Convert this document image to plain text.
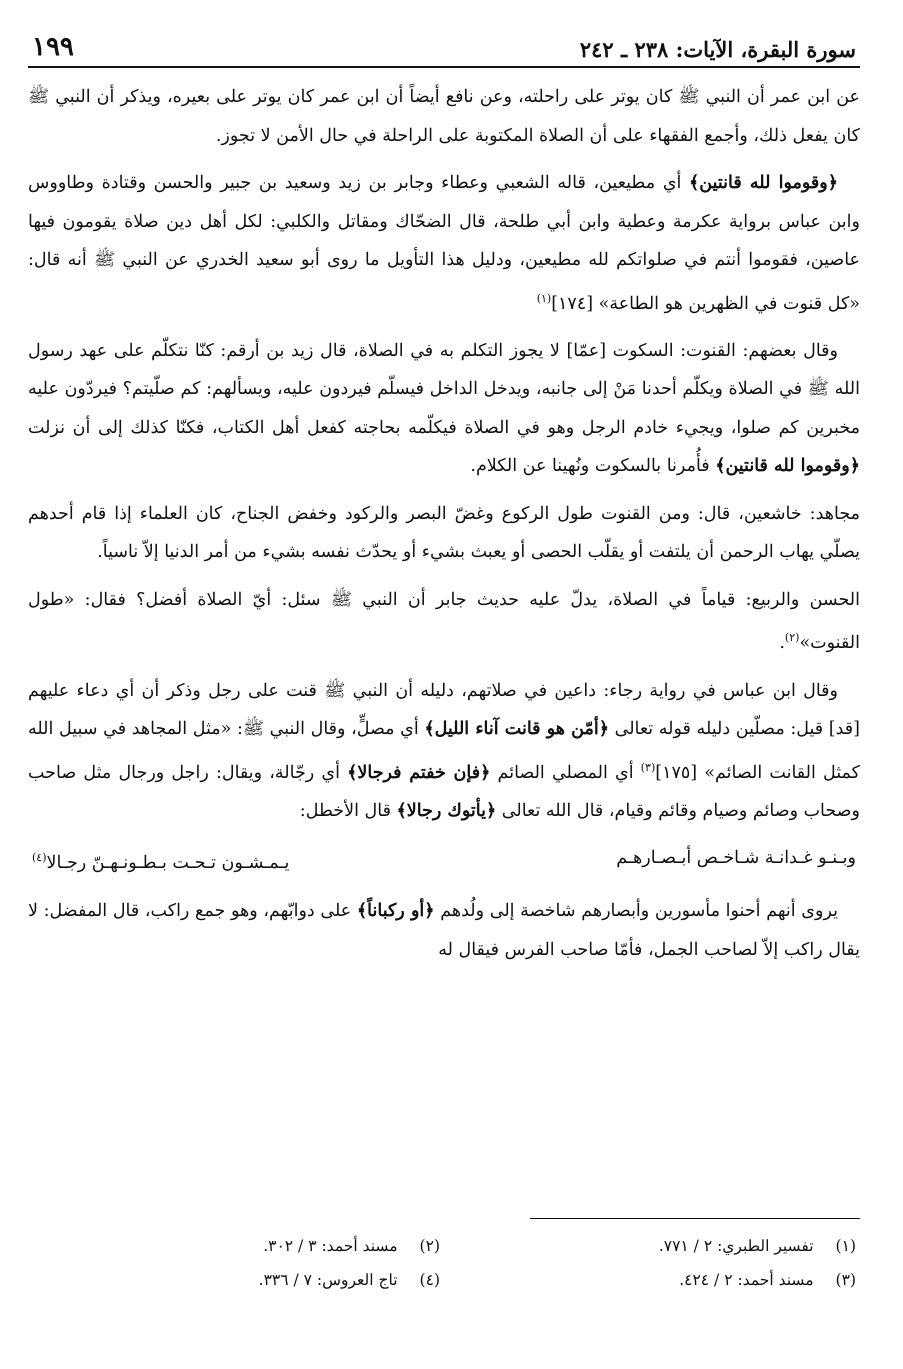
سورة البقرة، الآيات: ٢٣٨ ـ ٢٤٢
١٩٩

عن ابن عمر أن النبي ﷺ كان يوتر على راحلته، وعن نافع أيضاً أن ابن عمر كان يوتر على بعيره، ويذكر أن النبي ﷺ كان يفعل ذلك، وأجمع الفقهاء على أن الصلاة المكتوبة على الراحلة في حال الأمن لا تجوز.

﴿وقوموا لله قانتين﴾ أي مطيعين، قاله الشعبي وعطاء وجابر بن زيد وسعيد بن جبير والحسن وقتادة وطاووس وابن عباس برواية عكرمة وعطية وابن أبي طلحة، قال الضحّاك ومقاتل والكلبي: لكل أهل دين صلاة يقومون فيها عاصين، فقوموا أنتم في صلواتكم لله مطيعين، ودليل هذا التأويل ما روى أبو سعيد الخدري عن النبي ﷺ أنه قال: «كل قنوت في الظهرين هو الطاعة» [١٧٤]$^{(١)}$

وقال بعضهم: القنوت: السكوت [عمّا] لا يجوز التكلم به في الصلاة، قال زيد بن أرقم: كنّا نتكلّم على عهد رسول الله ﷺ في الصلاة ويكلّم أحدنا مَنْ إلى جانبه، ويدخل الداخل فيسلّم فيردون عليه، ويسألهم: كم صلّيتم؟ فيردّون عليه مخبرين كم صلوا، ويجيء خادم الرجل وهو في الصلاة فيكلّمه بحاجته كفعل أهل الكتاب، فكنّا كذلك إلى أن نزلت ﴿وقوموا لله قانتين﴾ فأُمرنا بالسكوت ونُهينا عن الكلام.

مجاهد: خاشعين، قال: ومن القنوت طول الركوع وغضّ البصر والركود وخفض الجناح، كان العلماء إذا قام أحدهم يصلّي يهاب الرحمن أن يلتفت أو يقلّب الحصى أو يعبث بشيء أو يحدّث نفسه بشيء من أمر الدنيا إلاّ ناسياً.

الحسن والربيع: قياماً في الصلاة، يدلّ عليه حديث جابر أن النبي ﷺ سئل: أيّ الصلاة أفضل؟ فقال: «طول القنوت»$^{(٢)}$.

وقال ابن عباس في رواية رجاء: داعين في صلاتهم، دليله أن النبي ﷺ قنت على رجل وذكر أن أي دعاء عليهم [قد] قيل: مصلّين دليله قوله تعالى ﴿أمّن هو قانت آناء الليل﴾ أي مصلٍّ، وقال النبي ﷺ: «مثل المجاهد في سبيل الله كمثل القانت الصائم» [١٧٥]$^{(٣)}$ أي المصلي الصائم ﴿فإن خفتم فرجالا﴾ أي رجّالة، ويقال: راجل ورجال مثل صاحب وصحاب وصائم وصيام وقائم وقيام، قال الله تعالى ﴿يأتوك رجالا﴾ قال الأخطل:

وبـنـو غـدانـة شـاخـص أبـصـارهـم
يـمـشـون تـحـت بـطـونـهـنّ رجـالا$^{(٤)}$

يروى أنهم أحنوا مأسورين وأبصارهم شاخصة إلى ولُدهم ﴿أو ركباناً﴾ على دوابّهم، وهو جمع راكب، قال المفضل: لا يقال راكب إلاّ لصاحب الجمل، فأمّا صاحب الفرس فيقال له

(١)تفسير الطبري: ٢ / ٧٧١.
(٢)مسند أحمد: ٣ / ٣٠٢.
(٣)مسند أحمد: ٢ / ٤٢٤.
(٤)تاج العروس: ٧ / ٣٣٦.
